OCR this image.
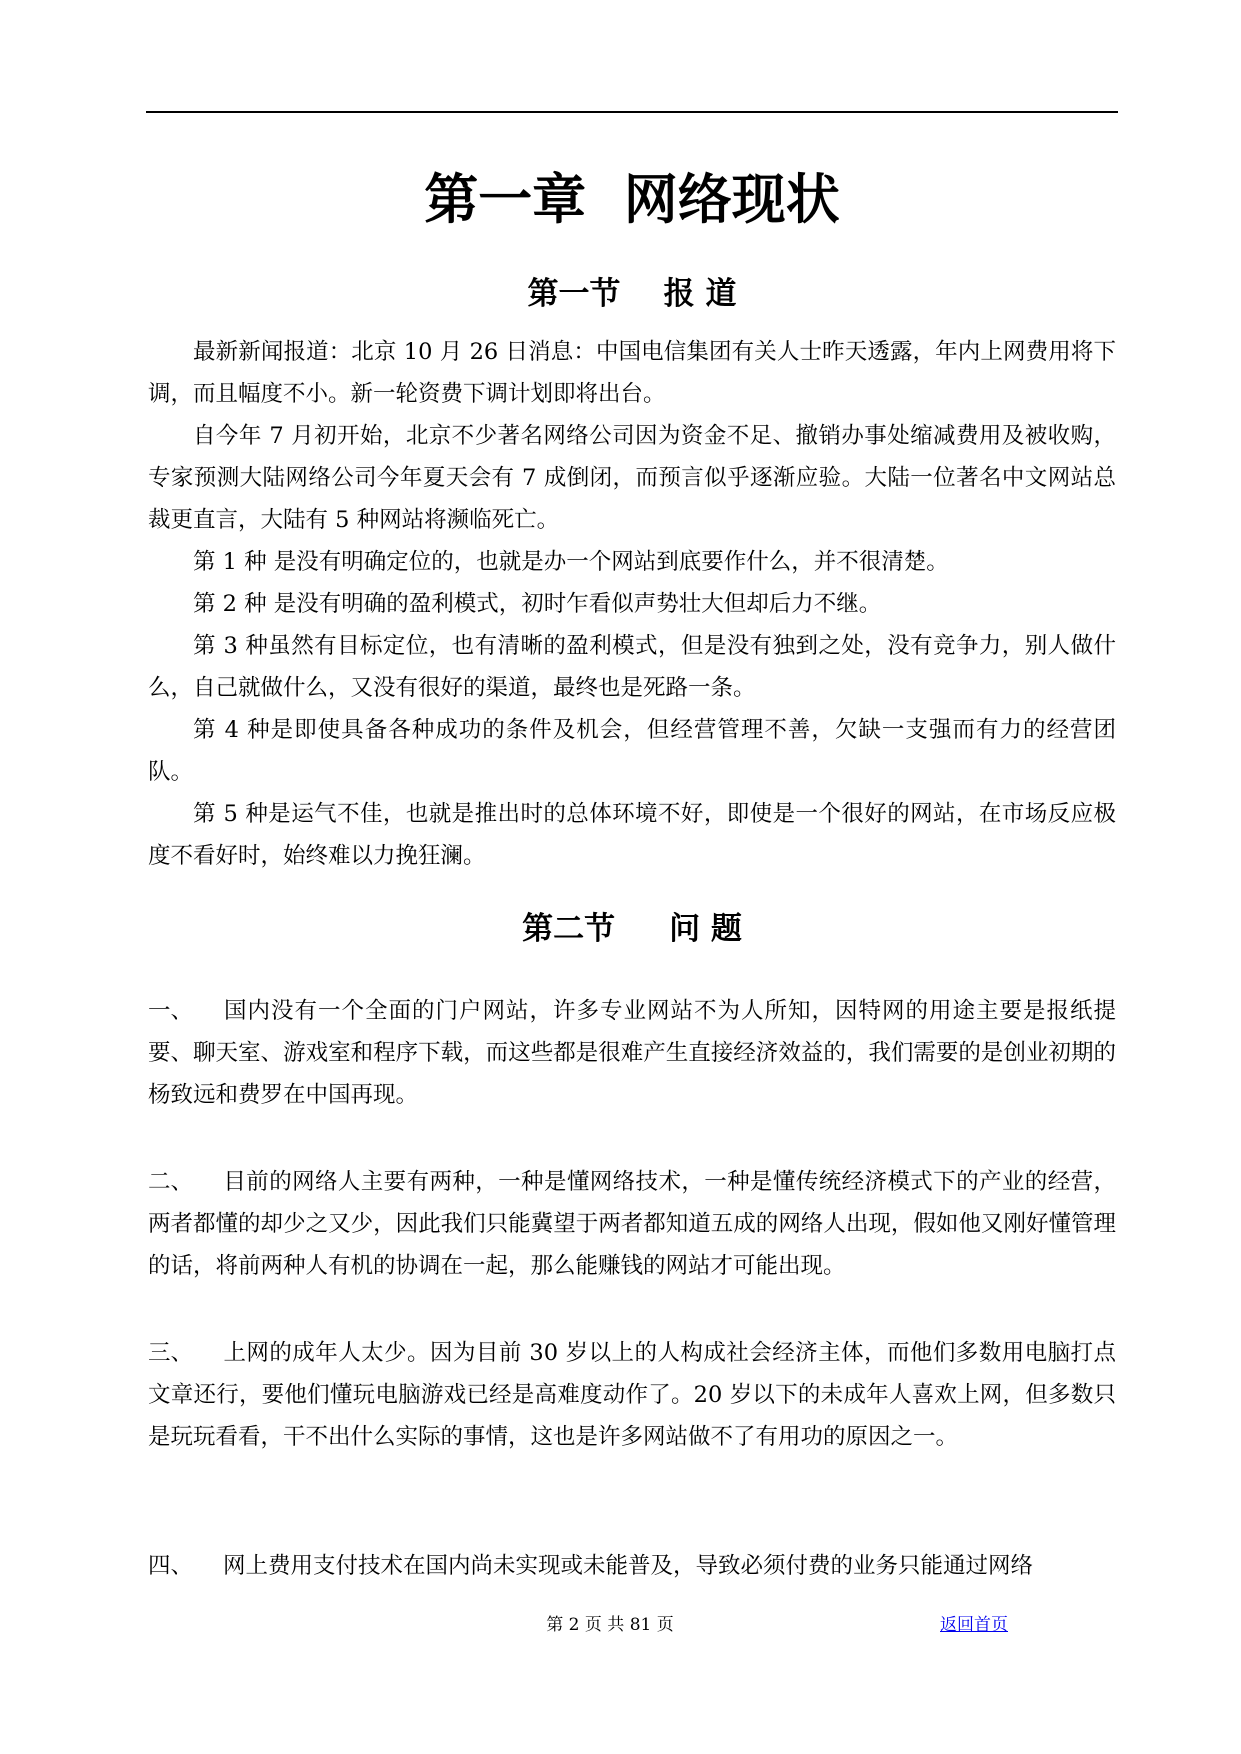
第一章  网络现状
第一节    报 道

最新新闻报道：北京 10 月 26 日消息：中国电信集团有关人士昨天透露，年内上网费用将下调，而且幅度不小。新一轮资费下调计划即将出台。

自今年 7 月初开始，北京不少著名网络公司因为资金不足、撤销办事处缩减费用及被收购，专家预测大陆网络公司今年夏天会有 7 成倒闭，而预言似乎逐渐应验。大陆一位著名中文网站总裁更直言，大陆有 5 种网站将濒临死亡。

第 1 种 是没有明确定位的，也就是办一个网站到底要作什么，并不很清楚。

第 2 种 是没有明确的盈利模式，初时乍看似声势壮大但却后力不继。

第 3 种虽然有目标定位，也有清晰的盈利模式，但是没有独到之处，没有竞争力，别人做什么，自己就做什么，又没有很好的渠道，最终也是死路一条。

第 4 种是即使具备各种成功的条件及机会，但经营管理不善，欠缺一支强而有力的经营团队。

第 5 种是运气不佳，也就是推出时的总体环境不好，即使是一个很好的网站，在市场反应极度不看好时，始终难以力挽狂澜。

第二节     问 题
一、 国内没有一个全面的门户网站，许多专业网站不为人所知，因特网的用途主要是报纸提要、聊天室、游戏室和程序下载，而这些都是很难产生直接经济效益的，我们需要的是创业初期的杨致远和费罗在中国再现。
二、 目前的网络人主要有两种，一种是懂网络技术，一种是懂传统经济模式下的产业的经营，两者都懂的却少之又少，因此我们只能冀望于两者都知道五成的网络人出现，假如他又刚好懂管理的话，将前两种人有机的协调在一起，那么能赚钱的网站才可能出现。
三、 上网的成年人太少。因为目前 30 岁以上的人构成社会经济主体，而他们多数用电脑打点文章还行，要他们懂玩电脑游戏已经是高难度动作了。20 岁以下的未成年人喜欢上网，但多数只是玩玩看看，干不出什么实际的事情，这也是许多网站做不了有用功的原因之一。
四、 网上费用支付技术在国内尚未实现或未能普及，导致必须付费的业务只能通过网络
第 2 页 共 81 页	返回首页
